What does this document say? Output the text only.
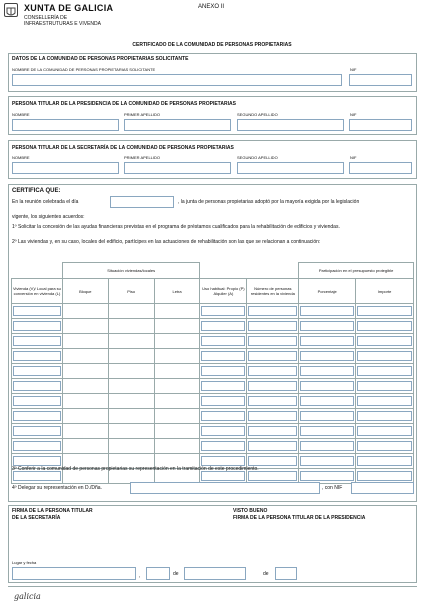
XUNTA DE GALICIA
CONSELLERÍA DE
INFRAESTRUTURAS E VIVENDA
ANEXO II
CERTIFICADO DE LA COMUNIDAD DE PERSONAS PROPIETARIAS
DATOS DE LA COMUNIDAD DE PERSONAS PROPIETARIAS SOLICITANTE
NOMBRE DE LA COMUNIDAD DE PERSONAS PROPIETARIAS SOLICITANTE	NIF
PERSONA TITULAR DE LA PRESIDENCIA DE LA COMUNIDAD DE PERSONAS PROPIETARIAS
NOMBRE	PRIMER APELLIDO	SEGUNDO APELLIDO	NIF
PERSONA TITULAR DE LA SECRETARÍA DE LA COMUNIDAD DE PERSONAS PROPIETARIAS
NOMBRE	PRIMER APELLIDO	SEGUNDO APELLIDO	NIF
CERTIFICA QUE:
En la reunión celebrada el día	, la junta de personas propietarias adoptó por la mayoría exigida por la legislación
vigente, los siguientes acuerdos:
1º Solicitar la concesión de las ayudas financieras previstas en el programa de préstamos cualificados para la rehabilitación de edificios y viviendas.
2º Las viviendas y, en su caso, locales del edificio, partícipes en las actuaciones de rehabilitación son las que se relacionan a continuación:
	Situación viviendas/locales					Participación en el presupuesto protegible	
Vivienda (V)/ Local para su conversión en vivienda (L)	Bloque	Piso	Letra	Uso habitual: Propio (P) Alquiler (A)	Número de personas residentes en la vivienda	Porcentaje	Importe

3º Conferir a la comunidad de personas propietarias su representación en la tramitación de este procedimiento.
4º Delegar su representación en D./Dña.	, con NIF
FIRMA DE LA PERSONA TITULAR
DE LA SECRETARÍA
VISTO BUENO
FIRMA DE LA PERSONA TITULAR DE LA PRESIDENCIA
Lugar y fecha
,	de	de
galicia
